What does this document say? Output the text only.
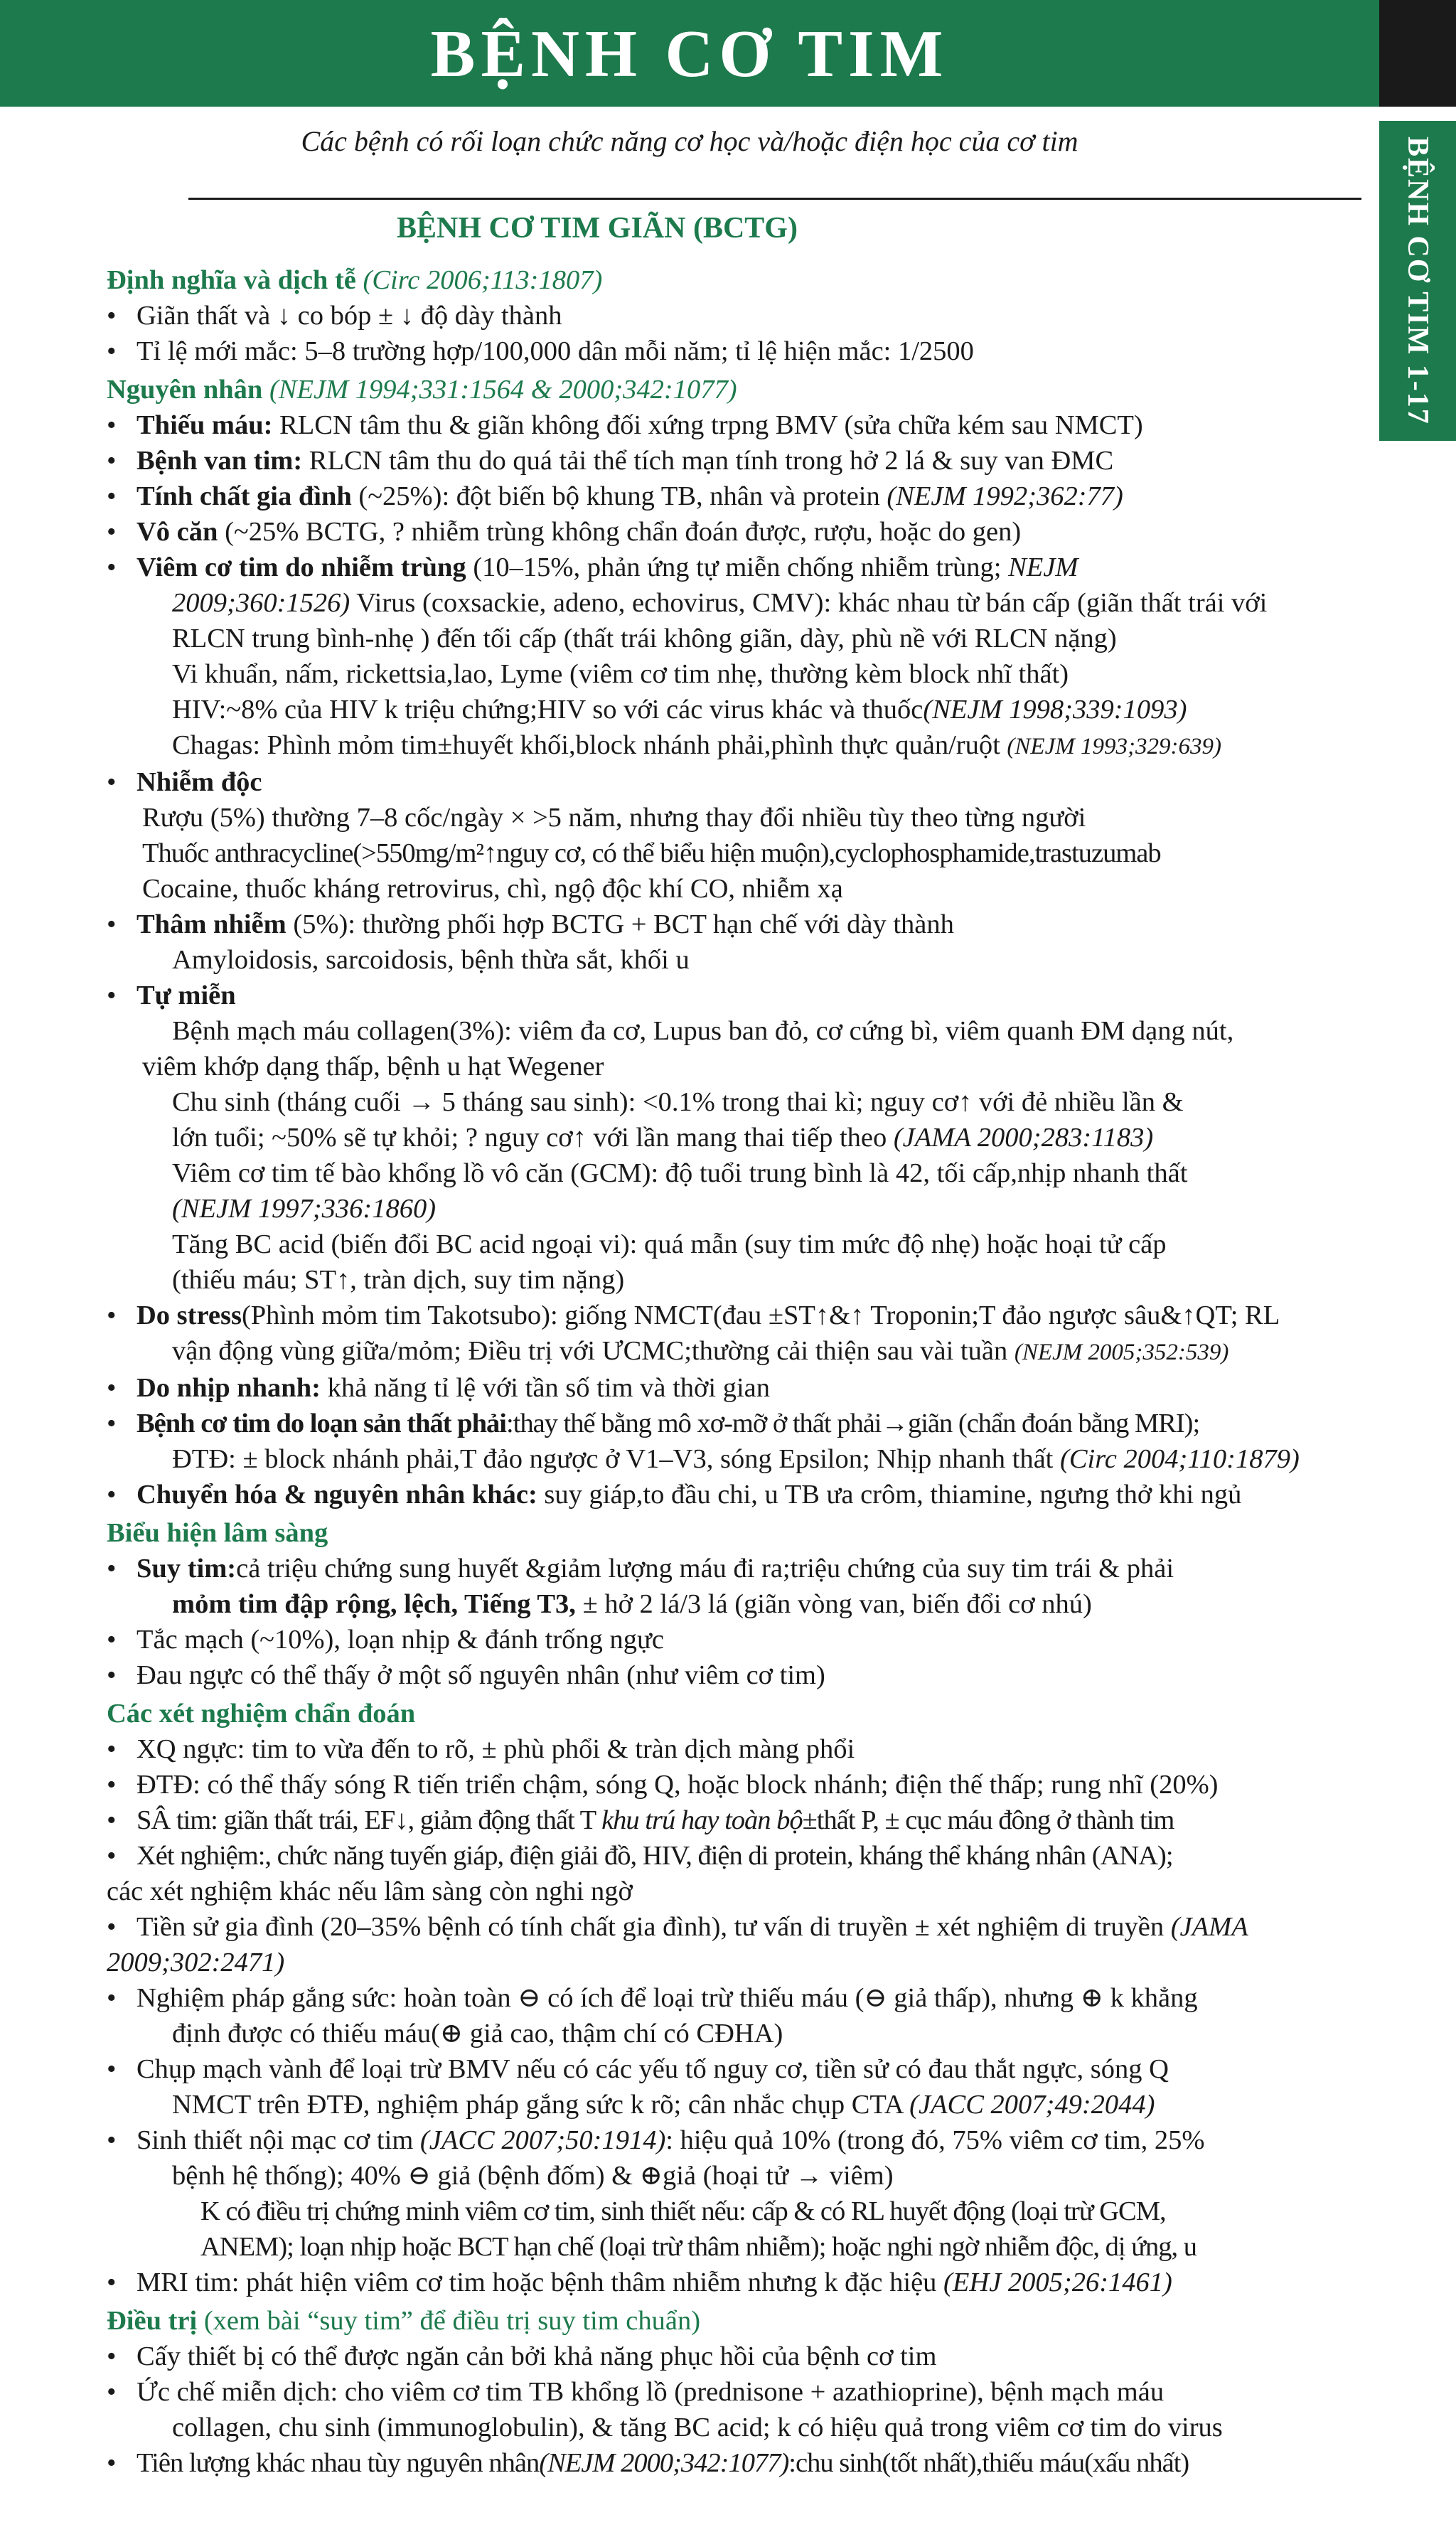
BỆNH CƠ TIM
BỆNH CƠ TIM 1-17
Các bệnh có rối loạn chức năng cơ học và/hoặc điện học của cơ tim
BỆNH CƠ TIM GIÃN (BCTG)

Định nghĩa và dịch tễ (Circ 2006;113:1807)

• Giãn thất và ↓ co bóp ± ↓ độ dày thành

• Tỉ lệ mới mắc: 5–8 trường hợp/100,000 dân mỗi năm; tỉ lệ hiện mắc: 1/2500

Nguyên nhân (NEJM 1994;331:1564 & 2000;342:1077)

• Thiếu máu: RLCN tâm thu & giãn không đối xứng trpng BMV (sửa chữa kém sau NMCT)

• Bệnh van tim: RLCN tâm thu do quá tải thể tích mạn tính trong hở 2 lá & suy van ĐMC

• Tính chất gia đình (~25%): đột biến bộ khung TB, nhân và protein (NEJM 1992;362:77)

• Vô căn (~25% BCTG, ? nhiễm trùng không chẩn đoán được, rượu, hoặc do gen)

• Viêm cơ tim do nhiễm trùng (10–15%, phản ứng tự miễn chống nhiễm trùng; NEJM

2009;360:1526) Virus (coxsackie, adeno, echovirus, CMV): khác nhau từ bán cấp (giãn thất trái với

RLCN trung bình-nhẹ ) đến tối cấp (thất trái không giãn, dày, phù nề với RLCN nặng)

Vi khuẩn, nấm, rickettsia,lao, Lyme (viêm cơ tim nhẹ, thường kèm block nhĩ thất)

HIV:~8% của HIV k triệu chứng;HIV so với các virus khác và thuốc(NEJM 1998;339:1093)

Chagas: Phình mỏm tim±huyết khối,block nhánh phải,phình thực quản/ruột (NEJM 1993;329:639)

• Nhiễm độc

Rượu (5%) thường 7–8 cốc/ngày × >5 năm, nhưng thay đổi nhiều tùy theo từng người

Thuốc anthracycline(>550mg/m²↑nguy cơ, có thể biểu hiện muộn),cyclophosphamide,trastuzumab

Cocaine, thuốc kháng retrovirus, chì, ngộ độc khí CO, nhiễm xạ

• Thâm nhiễm (5%): thường phối hợp BCTG + BCT hạn chế với dày thành

Amyloidosis, sarcoidosis, bệnh thừa sắt, khối u

• Tự miễn

Bệnh mạch máu collagen(3%): viêm đa cơ, Lupus ban đỏ, cơ cứng bì, viêm quanh ĐM dạng nút,

viêm khớp dạng thấp, bệnh u hạt Wegener

Chu sinh (tháng cuối → 5 tháng sau sinh): <0.1% trong thai kì; nguy cơ↑ với đẻ nhiều lần &

lớn tuổi; ~50% sẽ tự khỏi; ? nguy cơ↑ với lần mang thai tiếp theo (JAMA 2000;283:1183)

Viêm cơ tim tế bào khổng lồ vô căn (GCM): độ tuổi trung bình là 42, tối cấp,nhịp nhanh thất

(NEJM 1997;336:1860)

Tăng BC acid (biến đổi BC acid ngoại vi): quá mẫn (suy tim mức độ nhẹ) hoặc hoại tử cấp

(thiếu máu; ST↑, tràn dịch, suy tim nặng)

• Do stress(Phình mỏm tim Takotsubo): giống NMCT(đau ±ST↑&↑ Troponin;T đảo ngược sâu&↑QT; RL

vận động vùng giữa/mỏm; Điều trị với ƯCMC;thường cải thiện sau vài tuần (NEJM 2005;352:539)

• Do nhịp nhanh: khả năng tỉ lệ với tần số tim và thời gian

• Bệnh cơ tim do loạn sản thất phải:thay thế bằng mô xơ-mỡ ở thất phải→giãn (chẩn đoán bằng MRI);

ĐTĐ: ± block nhánh phải,T đảo ngược ở V1–V3, sóng Epsilon; Nhịp nhanh thất (Circ 2004;110:1879)

• Chuyển hóa & nguyên nhân khác: suy giáp,to đầu chi, u TB ưa crôm, thiamine, ngưng thở khi ngủ

Biểu hiện lâm sàng

• Suy tim:cả triệu chứng sung huyết &giảm lượng máu đi ra;triệu chứng của suy tim trái & phải

mỏm tim đập rộng, lệch, Tiếng T3, ± hở 2 lá/3 lá (giãn vòng van, biến đổi cơ nhú)

• Tắc mạch (~10%), loạn nhịp & đánh trống ngực

• Đau ngực có thể thấy ở một số nguyên nhân (như viêm cơ tim)

Các xét nghiệm chẩn đoán

• XQ ngực: tim to vừa đến to rõ, ± phù phổi & tràn dịch màng phổi

• ĐTĐ: có thể thấy sóng R tiến triển chậm, sóng Q, hoặc block nhánh; điện thế thấp; rung nhĩ (20%)

• SÂ tim: giãn thất trái, EF↓, giảm động thất T khu trú hay toàn bộ±thất P, ± cục máu đông ở thành tim

• Xét nghiệm:, chức năng tuyến giáp, điện giải đồ, HIV, điện di protein, kháng thể kháng nhân (ANA);

các xét nghiệm khác nếu lâm sàng còn nghi ngờ

• Tiền sử gia đình (20–35% bệnh có tính chất gia đình), tư vấn di truyền ± xét nghiệm di truyền (JAMA

2009;302:2471)

• Nghiệm pháp gắng sức: hoàn toàn ⊖ có ích để loại trừ thiếu máu (⊖ giả thấp), nhưng ⊕ k khẳng

định được có thiếu máu(⊕ giả cao, thậm chí có CĐHA)

• Chụp mạch vành để loại trừ BMV nếu có các yếu tố nguy cơ, tiền sử có đau thắt ngực, sóng Q

NMCT trên ĐTĐ, nghiệm pháp gắng sức k rõ; cân nhắc chụp CTA (JACC 2007;49:2044)

• Sinh thiết nội mạc cơ tim (JACC 2007;50:1914): hiệu quả 10% (trong đó, 75% viêm cơ tim, 25%

bệnh hệ thống); 40% ⊖ giả (bệnh đốm) & ⊕giả (hoại tử → viêm)

K có điều trị chứng minh viêm cơ tim, sinh thiết nếu: cấp & có RL huyết động (loại trừ GCM,

ANEM); loạn nhịp hoặc BCT hạn chế (loại trừ thâm nhiễm); hoặc nghi ngờ nhiễm độc, dị ứng, u

• MRI tim: phát hiện viêm cơ tim hoặc bệnh thâm nhiễm nhưng k đặc hiệu (EHJ 2005;26:1461)

Điều trị (xem bài “suy tim” để điều trị suy tim chuẩn)

• Cấy thiết bị có thể được ngăn cản bởi khả năng phục hồi của bệnh cơ tim

• Ức chế miễn dịch: cho viêm cơ tim TB khổng lồ (prednisone + azathioprine), bệnh mạch máu

collagen, chu sinh (immunoglobulin), & tăng BC acid; k có hiệu quả trong viêm cơ tim do virus

• Tiên lượng khác nhau tùy nguyên nhân(NEJM 2000;342:1077):chu sinh(tốt nhất),thiếu máu(xấu nhất)
